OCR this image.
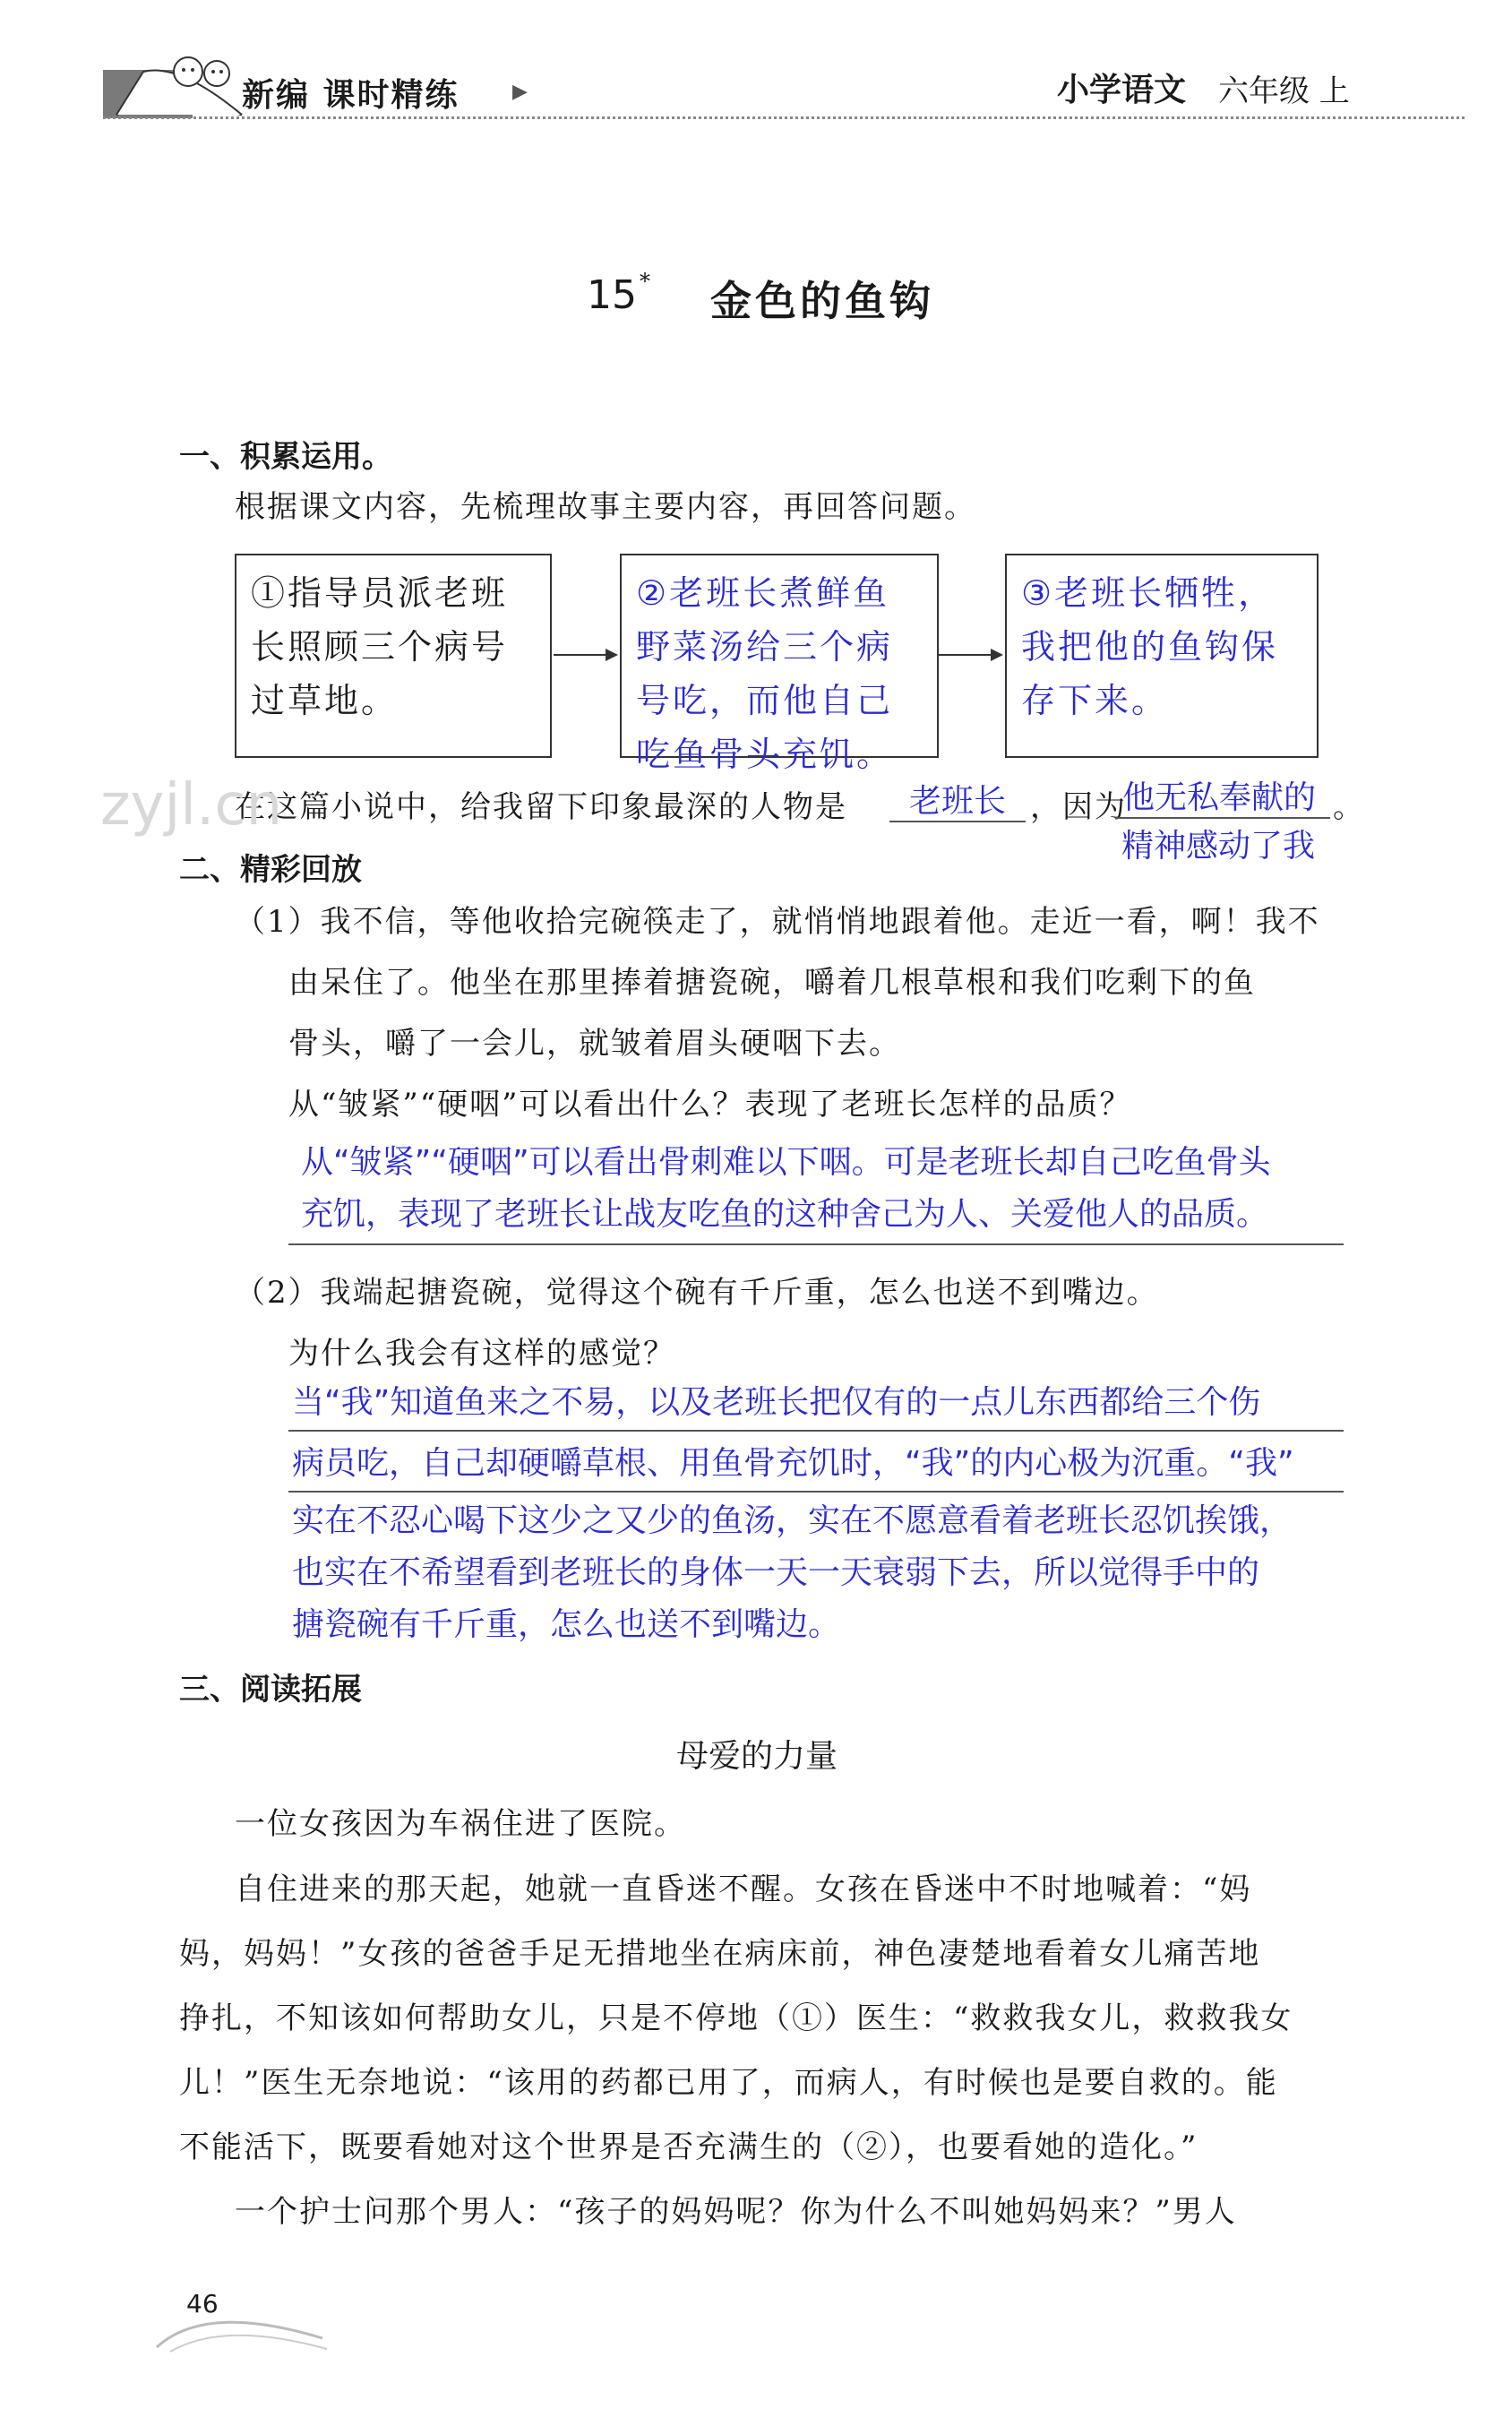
新编 课时精练	▶	小学语文 六年级 上
15 * 金色的鱼钩
一、积累运用。
根据课文内容，先梳理故事主要内容，再回答问题。
①指导员派老班长照顾三个病号过草地。
②老班长煮鲜鱼野菜汤给三个病号吃，而他自己吃鱼骨头充饥。
③老班长牺牲，我把他的鱼钩保存下来。
在这篇小说中，给我留下印象最深的人物是	老班长 ，因为
他无私奉献的 。
精神感动了我
二、精彩回放
（1）我不信，等他收拾完碗筷走了，就悄悄地跟着他。走近一看，啊！我不
由呆住了。他坐在那里捧着搪瓷碗，嚼着几根草根和我们吃剩下的鱼
骨头，嚼了一会儿，就皱着眉头硬咽下去。
从“皱紧”“硬咽”可以看出什么？表现了老班长怎样的品质？
从“皱紧”“硬咽”可以看出骨刺难以下咽。可是老班长却自己吃鱼骨头
充饥，表现了老班长让战友吃鱼的这种舍己为人、关爱他人的品质。
（2）我端起搪瓷碗，觉得这个碗有千斤重，怎么也送不到嘴边。
为什么我会有这样的感觉？
当“我”知道鱼来之不易，以及老班长把仅有的一点儿东西都给三个伤
病员吃，自己却硬嚼草根、用鱼骨充饥时，“我”的内心极为沉重。“我”
实在不忍心喝下这少之又少的鱼汤，实在不愿意看着老班长忍饥挨饿，
也实在不希望看到老班长的身体一天一天衰弱下去，所以觉得手中的
搪瓷碗有千斤重，怎么也送不到嘴边。
三、阅读拓展
母爱的力量
一位女孩因为车祸住进了医院。
自住进来的那天起，她就一直昏迷不醒。女孩在昏迷中不时地喊着：“妈
妈，妈妈！”女孩的爸爸手足无措地坐在病床前，神色凄楚地看着女儿痛苦地
挣扎，不知该如何帮助女儿，只是不停地（①）医生：“救救我女儿，救救我女
儿！”医生无奈地说：“该用的药都已用了，而病人，有时候也是要自救的。能
不能活下，既要看她对这个世界是否充满生的（②），也要看她的造化。”
一个护士问那个男人：“孩子的妈妈呢？你为什么不叫她妈妈来？”男人
46
zyjl.cn
